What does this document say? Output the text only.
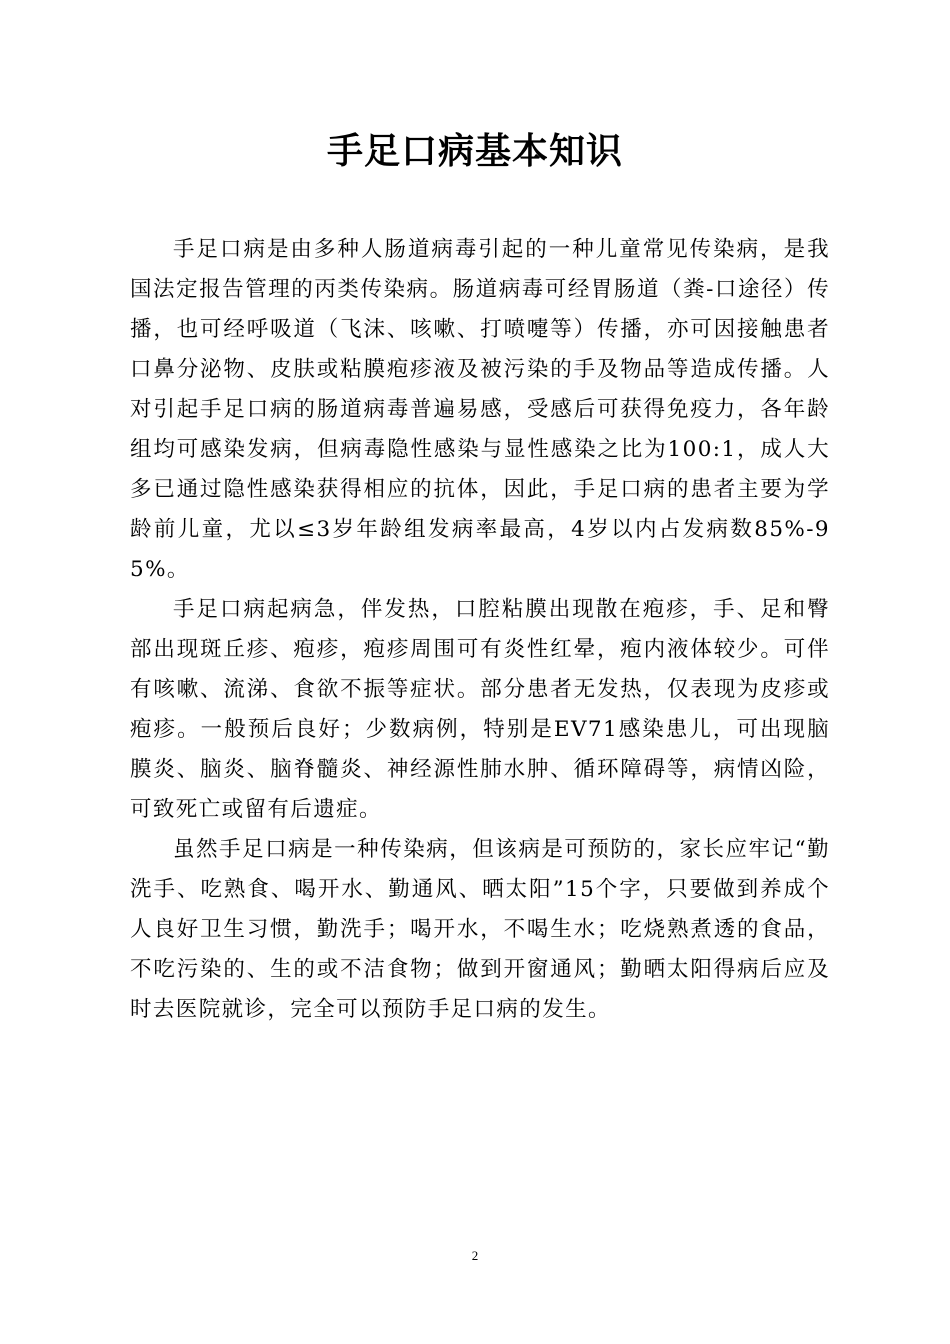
手足口病基本知识

手足口病是由多种人肠道病毒引起的一种儿童常见传染病，是我国法定报告管理的丙类传染病。肠道病毒可经胃肠道（粪-口途径）传播，也可经呼吸道（飞沫、咳嗽、打喷嚏等）传播，亦可因接触患者口鼻分泌物、皮肤或粘膜疱疹液及被污染的手及物品等造成传播。人对引起手足口病的肠道病毒普遍易感，受感后可获得免疫力，各年龄组均可感染发病，但病毒隐性感染与显性感染之比为100:1，成人大多已通过隐性感染获得相应的抗体，因此，手足口病的患者主要为学龄前儿童，尤以≤3岁年龄组发病率最高，4岁以内占发病数85%-95%。

手足口病起病急，伴发热，口腔粘膜出现散在疱疹，手、足和臀部出现斑丘疹、疱疹，疱疹周围可有炎性红晕，疱内液体较少。可伴有咳嗽、流涕、食欲不振等症状。部分患者无发热，仅表现为皮疹或疱疹。一般预后良好；少数病例，特别是EV71感染患儿，可出现脑膜炎、脑炎、脑脊髓炎、神经源性肺水肿、循环障碍等，病情凶险，可致死亡或留有后遗症。

虽然手足口病是一种传染病，但该病是可预防的，家长应牢记“勤洗手、吃熟食、喝开水、勤通风、晒太阳”15个字，只要做到养成个人良好卫生习惯，勤洗手；喝开水，不喝生水；吃烧熟煮透的食品，不吃污染的、生的或不洁食物；做到开窗通风；勤晒太阳得病后应及时去医院就诊，完全可以预防手足口病的发生。

2
